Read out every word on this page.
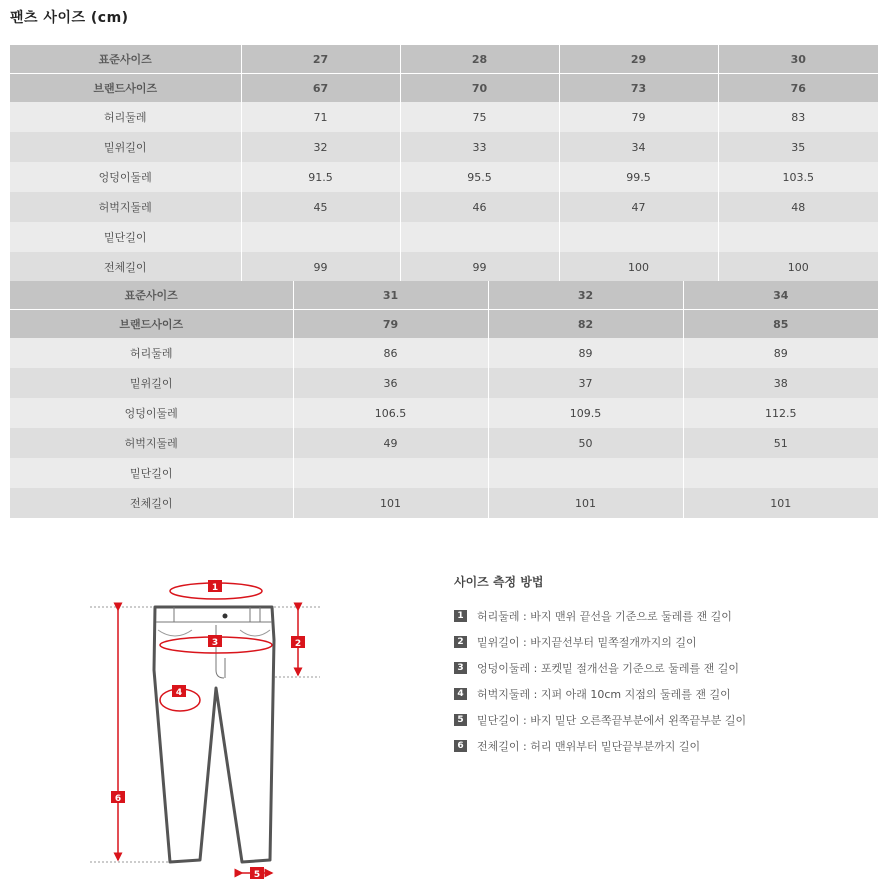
팬츠 사이즈 (cm)
표준사이즈	27	28	29	30
브랜드사이즈	67	70	73	76
허리둘레	71	75	79	83
밑위길이	32	33	34	35
엉덩이둘레	91.5	95.5	99.5	103.5
허벅지둘레	45	46	47	48
밑단길이				
전체길이	99	99	100	100
표준사이즈	31	32	34
브랜드사이즈	79	82	85
허리둘레	86	89	89
밑위길이	36	37	38
엉덩이둘레	106.5	109.5	112.5
허벅지둘레	49	50	51
밑단길이			
전체길이	101	101	101
1
2
3
4
5
6
사이즈 측정 방법
1	허리둘레 : 바지 맨위 끝선을 기준으로 둘레를 잰 길이
2	밑위길이 : 바지끝선부터 밑쪽절개까지의 길이
3	엉덩이둘레 : 포켓밑 절개선을 기준으로 둘레를 잰 길이
4	허벅지둘레 : 지퍼 아래 10cm 지점의 둘레를 잰 길이
5	밑단길이 : 바지 밑단 오른쪽끝부분에서 왼쪽끝부분 길이
6	전체길이 : 허리 맨위부터 밑단끝부분까지 길이
